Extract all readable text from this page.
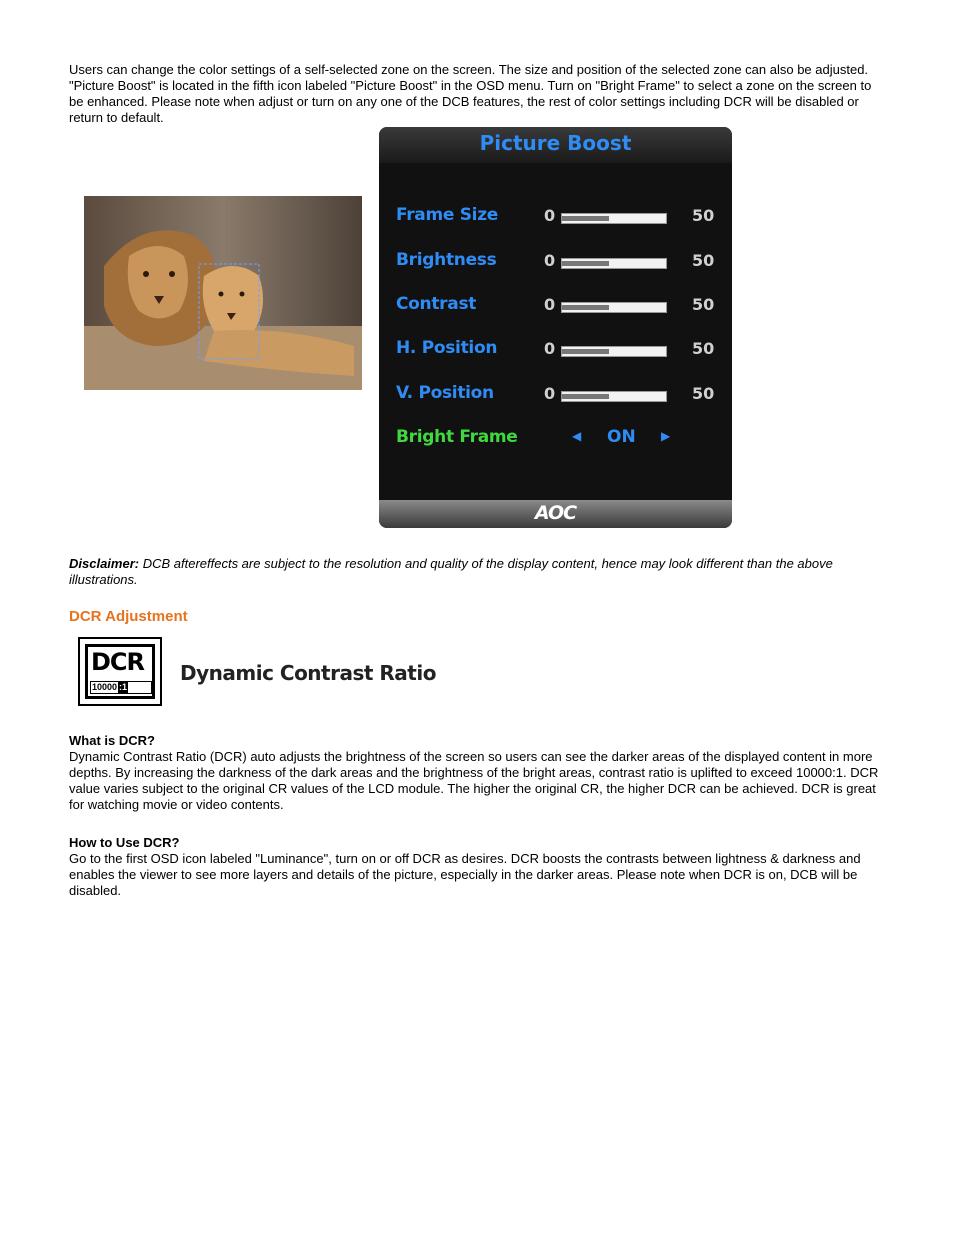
Users can change the color settings of a self-selected zone on the screen. The size and position of the selected zone can also be adjusted. "Picture Boost" is located in the fifth icon labeled "Picture Boost" in the OSD menu. Turn on "Bright Frame" to select a zone on the screen to be enhanced. Please note when adjust or turn on any one of the DCB features, the rest of color settings including DCR will be disabled or return to default.

Picture Boost
Frame Size	0	50
Brightness	0	50
Contrast	0	50
H. Position	0	50
V. Position	0	50
Bright Frame	◀ ON ▶
AOC

Disclaimer: DCB aftereffects are subject to the resolution and quality of the display content, hence may look different than the above illustrations.

DCR Adjustment
DCR
10000 :1
Dynamic Contrast Ratio

What is DCR?
Dynamic Contrast Ratio (DCR) auto adjusts the brightness of the screen so users can see the darker areas of the displayed content in more depths. By increasing the darkness of the dark areas and the brightness of the bright areas, contrast ratio is uplifted to exceed 10000:1. DCR value varies subject to the original CR values of the LCD module. The higher the original CR, the higher DCR can be achieved. DCR is great for watching movie or video contents.

How to Use DCR?
Go to the first OSD icon labeled "Luminance", turn on or off DCR as desires. DCR boosts the contrasts between lightness & darkness and enables the viewer to see more layers and details of the picture, especially in the darker areas. Please note when DCR is on, DCB will be disabled.
